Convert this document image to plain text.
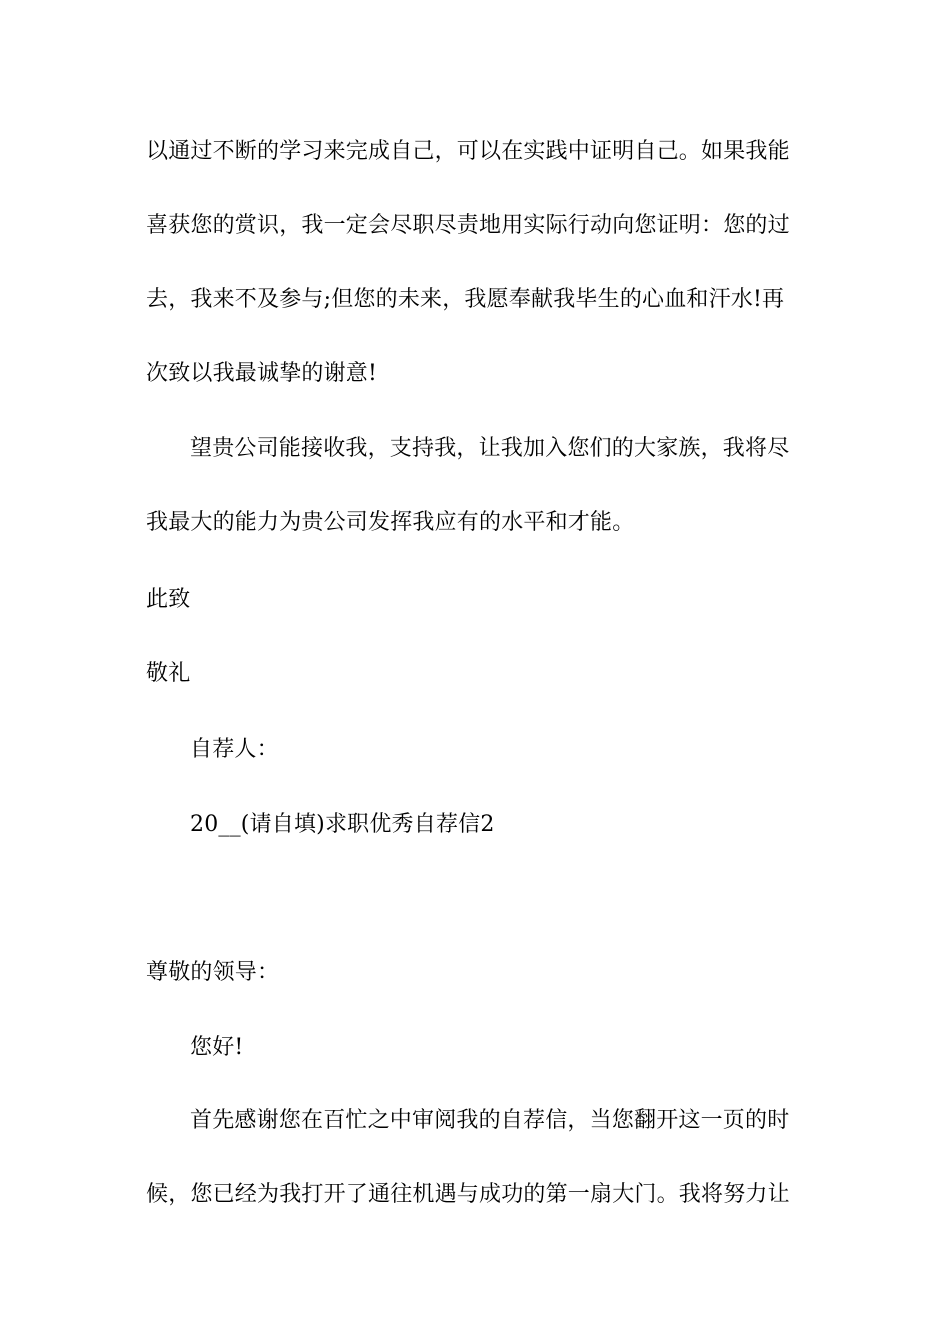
以通过不断的学习来完成自己，可以在实践中证明自己。如果我能
喜获您的赏识，我一定会尽职尽责地用实际行动向您证明：您的过
去，我来不及参与;但您的未来，我愿奉献我毕生的心血和汗水!再
次致以我最诚挚的谢意!
望贵公司能接收我，支持我，让我加入您们的大家族，我将尽
我最大的能力为贵公司发挥我应有的水平和才能。
此致
敬礼
自荐人：
20__(请自填)求职优秀自荐信2
尊敬的领导：
您好!
首先感谢您在百忙之中审阅我的自荐信，当您翻开这一页的时
候，您已经为我打开了通往机遇与成功的第一扇大门。我将努力让
